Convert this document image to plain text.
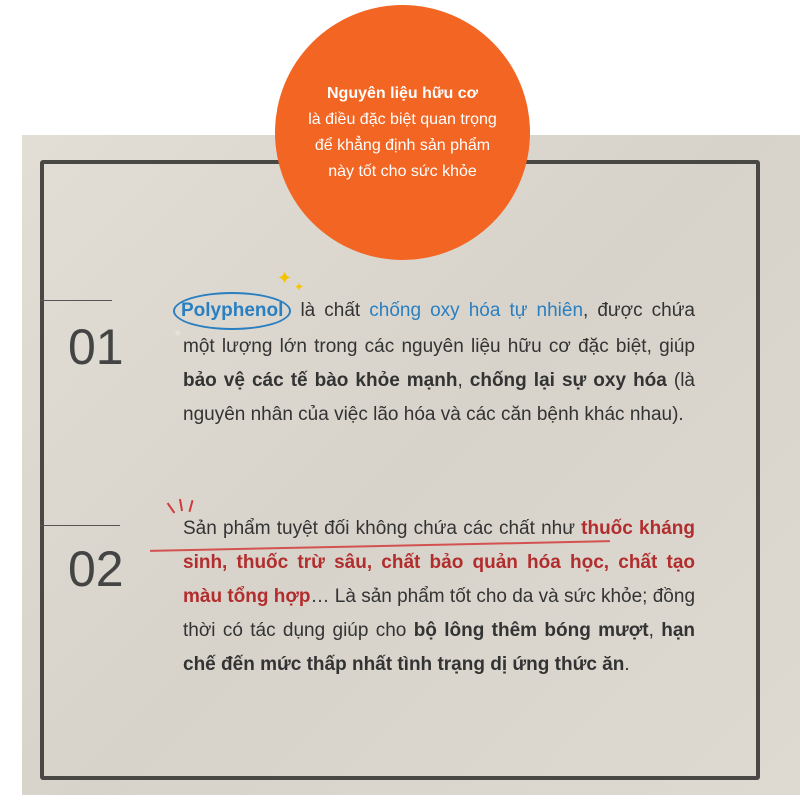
Nguyên liệu hữu cơ
là điều đặc biệt quan trọng
để khẳng định sản phẩm
này tốt cho sức khỏe
01
✦ ✦
Polyphenol là chất chống oxy hóa tự nhiên, được chứa một lượng lớn trong các nguyên liệu hữu cơ đặc biệt, giúp bảo vệ các tế bào khỏe mạnh, chống lại sự oxy hóa (là nguyên nhân của việc lão hóa và các căn bệnh khác nhau).
02
Sản phẩm tuyệt đối không chứa các chất như thuốc kháng sinh, thuốc trừ sâu, chất bảo quản hóa học, chất tạo màu tổng hợp… Là sản phẩm tốt cho da và sức khỏe; đồng thời có tác dụng giúp cho bộ lông thêm bóng mượt, hạn chế đến mức thấp nhất tình trạng dị ứng thức ăn.
